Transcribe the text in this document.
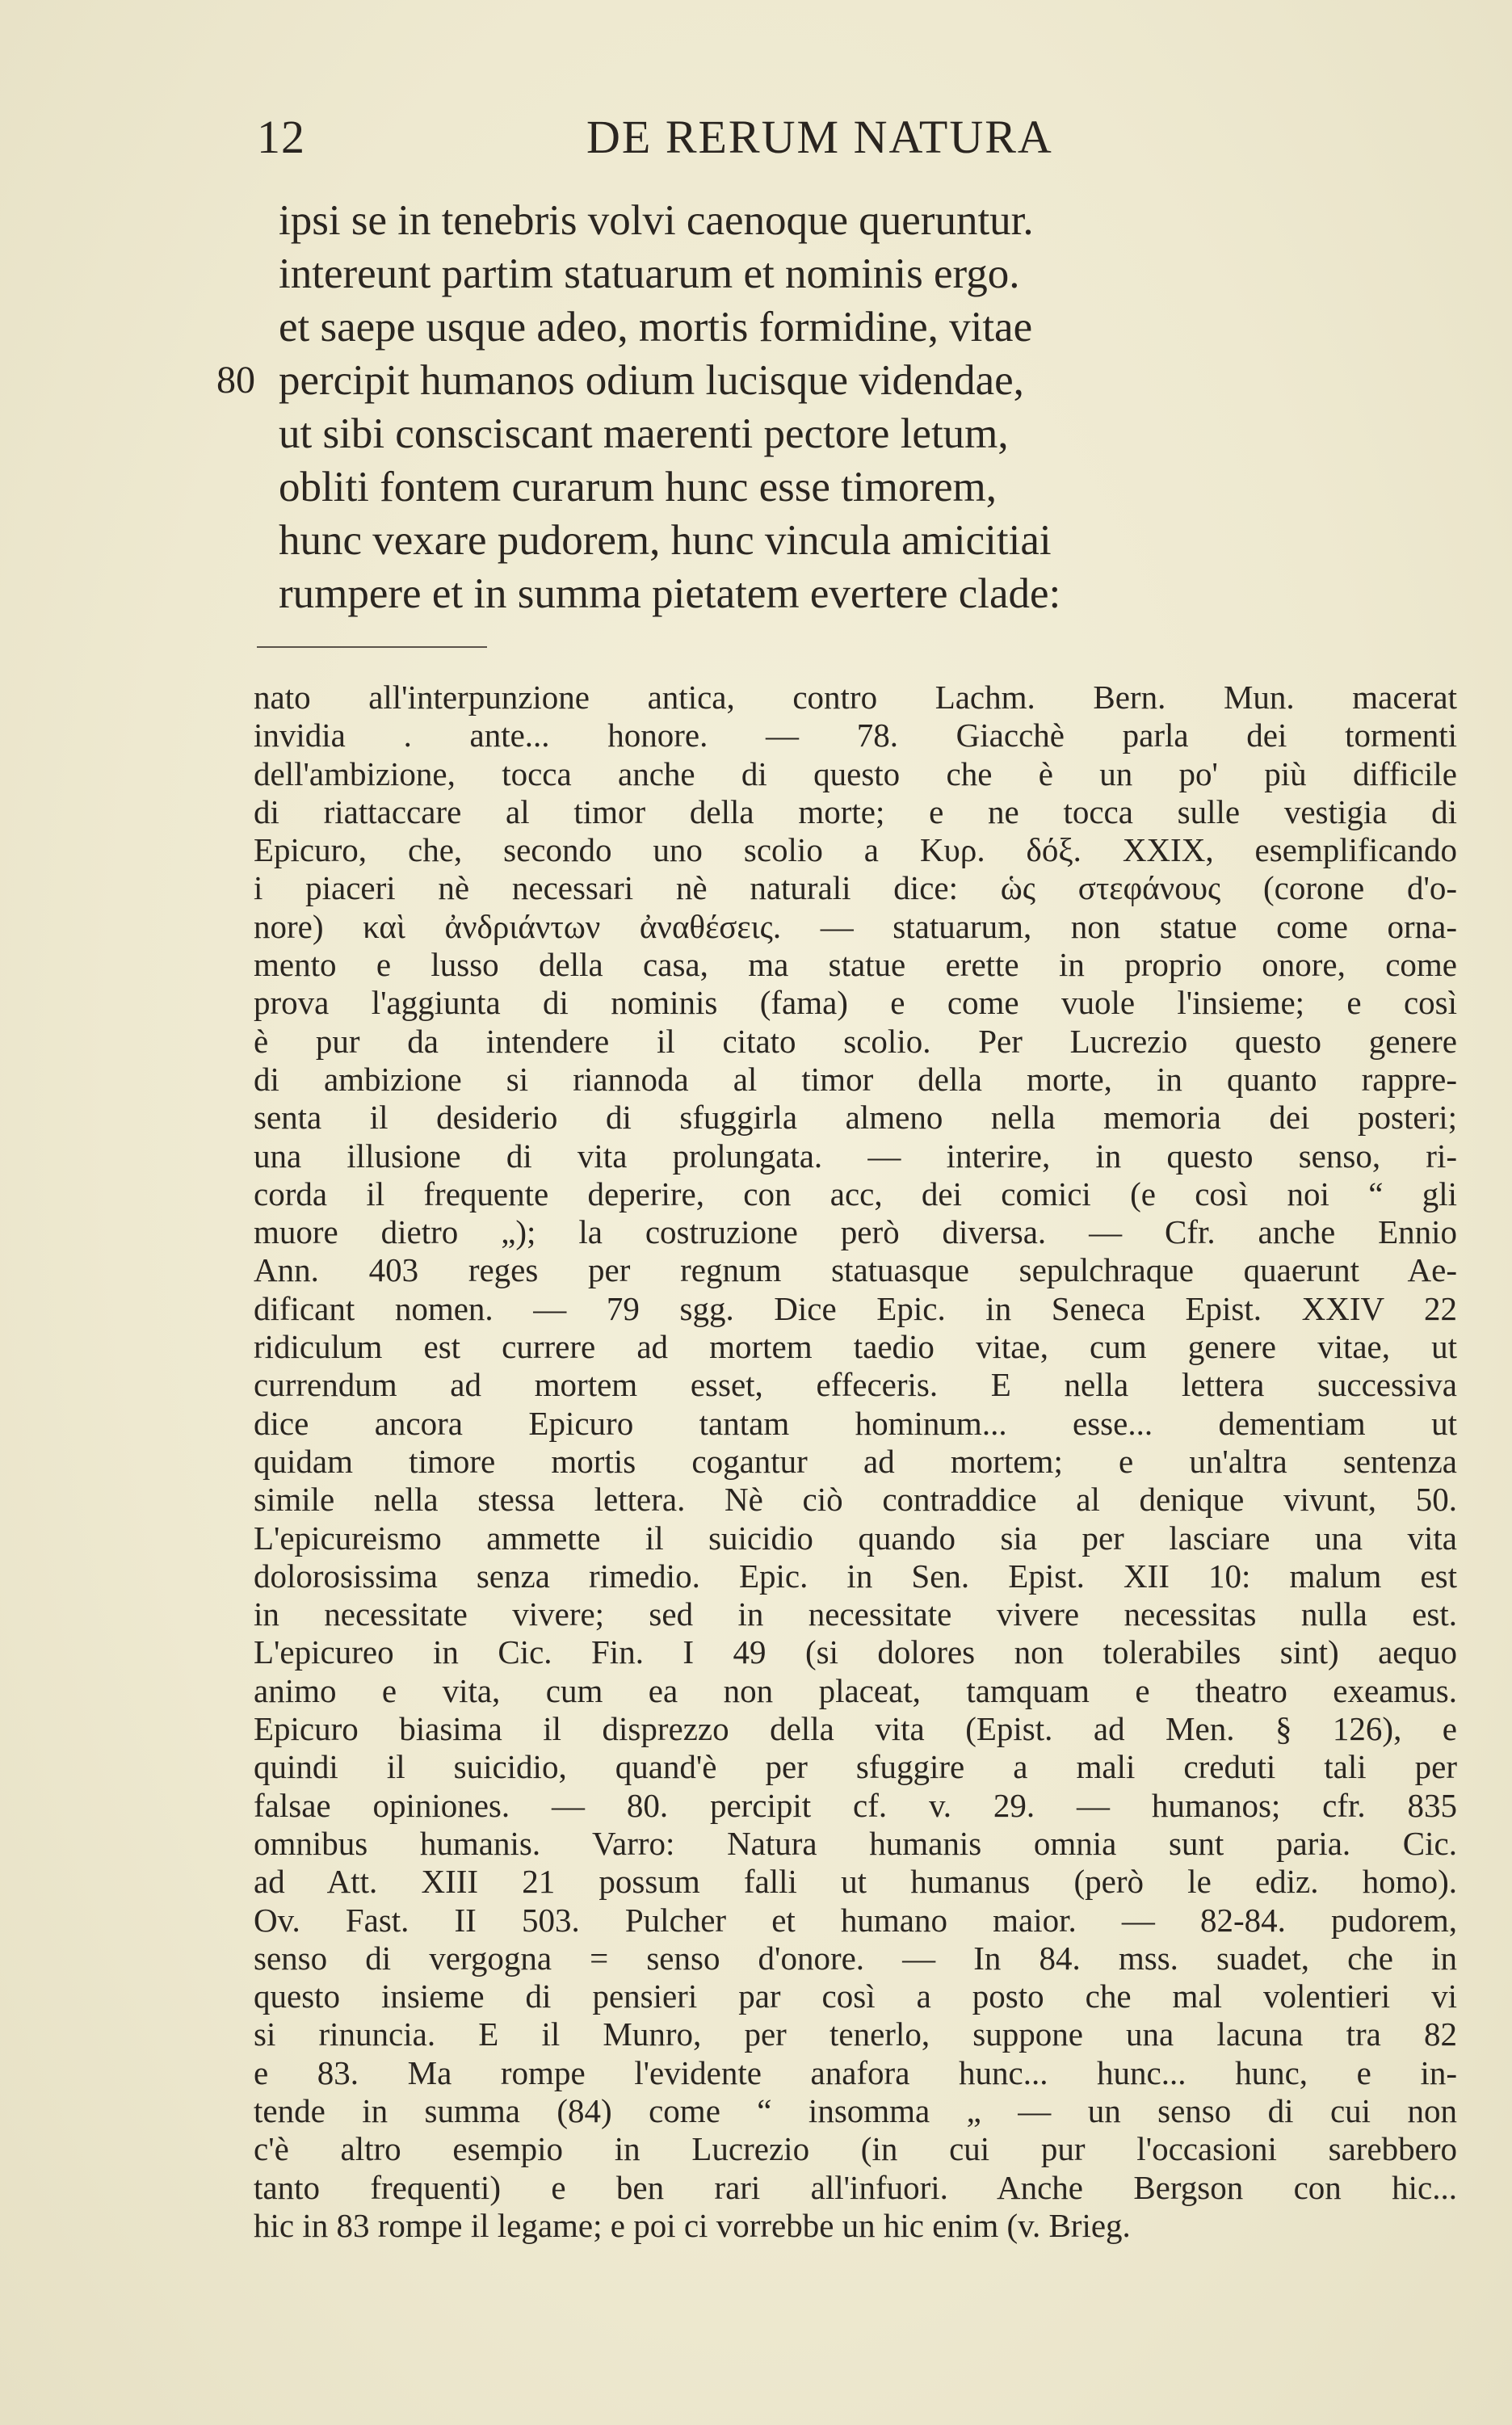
12	DE RERUM NATURA
ipsi se in tenebris volvi caenoque queruntur.
intereunt partim statuarum et nominis ergo.
et saepe usque adeo, mortis formidine, vitae
80 percipit humanos odium lucisque videndae,
ut sibi consciscant maerenti pectore letum,
obliti fontem curarum hunc esse timorem,
hunc vexare pudorem, hunc vincula amicitiai
rumpere et in summa pietatem evertere clade:
nato all'interpunzione antica, contro Lachm. Bern. Mun. macerat
invidia . ante... honore. — 78. Giacchè parla dei tormenti
dell'ambizione, tocca anche di questo che è un po' più difficile
di riattaccare al timor della morte; e ne tocca sulle vestigia di
Epicuro, che, secondo uno scolio a Κυρ. δόξ. XXIX, esemplificando
i piaceri nè necessari nè naturali dice: ὡς στεφάνους (corone d'o-
nore) καὶ ἀνδριάντων ἀναθέσεις. — statuarum, non statue come orna-
mento e lusso della casa, ma statue erette in proprio onore, come
prova l'aggiunta di nominis (fama) e come vuole l'insieme; e così
è pur da intendere il citato scolio. Per Lucrezio questo genere
di ambizione si riannoda al timor della morte, in quanto rappre-
senta il desiderio di sfuggirla almeno nella memoria dei posteri;
una illusione di vita prolungata. — interire, in questo senso, ri-
corda il frequente deperire, con acc, dei comici (e così noi “ gli
muore dietro „); la costruzione però diversa. — Cfr. anche Ennio
Ann. 403 reges per regnum statuasque sepulchraque quaerunt Ae-
dificant nomen. — 79 sgg. Dice Epic. in Seneca Epist. XXIV 22
ridiculum est currere ad mortem taedio vitae, cum genere vitae, ut
currendum ad mortem esset, effeceris. E nella lettera successiva
dice ancora Epicuro tantam hominum... esse... dementiam ut
quidam timore mortis cogantur ad mortem; e un'altra sentenza
simile nella stessa lettera. Nè ciò contraddice al denique vivunt, 50.
L'epicureismo ammette il suicidio quando sia per lasciare una vita
dolorosissima senza rimedio. Epic. in Sen. Epist. XII 10: malum est
in necessitate vivere; sed in necessitate vivere necessitas nulla est.
L'epicureo in Cic. Fin. I 49 (si dolores non tolerabiles sint) aequo
animo e vita, cum ea non placeat, tamquam e theatro exeamus.
Epicuro biasima il disprezzo della vita (Epist. ad Men. § 126), e
quindi il suicidio, quand'è per sfuggire a mali creduti tali per
falsae opiniones. — 80. percipit cf. v. 29. — humanos; cfr. 835
omnibus humanis. Varro: Natura humanis omnia sunt paria. Cic.
ad Att. XIII 21 possum falli ut humanus (però le ediz. homo).
Ov. Fast. II 503. Pulcher et humano maior. — 82-84. pudorem,
senso di vergogna = senso d'onore. — In 84. mss. suadet, che in
questo insieme di pensieri par così a posto che mal volentieri vi
si rinuncia. E il Munro, per tenerlo, suppone una lacuna tra 82
e 83. Ma rompe l'evidente anafora hunc... hunc... hunc, e in-
tende in summa (84) come “ insomma „ — un senso di cui non
c'è altro esempio in Lucrezio (in cui pur l'occasioni sarebbero
tanto frequenti) e ben rari all'infuori. Anche Bergson con hic...
hic in 83 rompe il legame; e poi ci vorrebbe un hic enim (v. Brieg.
